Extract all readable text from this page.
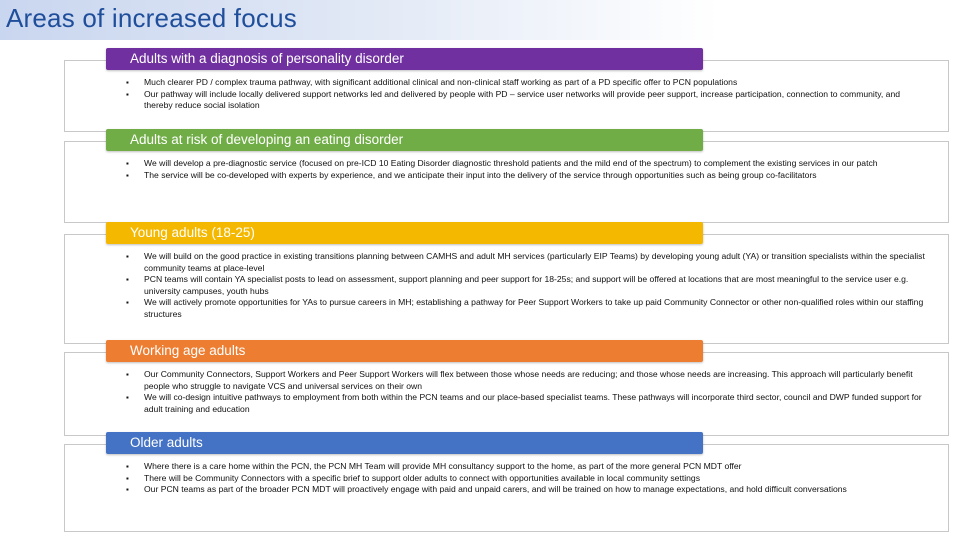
Areas of increased focus
Adults with a diagnosis of personality disorder
▪ Much clearer PD / complex trauma pathway, with significant additional clinical and non-clinical staff working as part of a PD specific offer to PCN populations
▪ Our pathway will include locally delivered support networks led and delivered by people with PD – service user networks will provide peer support, increase participation, connection to community, and thereby reduce social isolation
Adults at risk of developing an eating disorder
▪ We will develop a pre-diagnostic service (focused on pre-ICD 10 Eating Disorder diagnostic threshold patients and the mild end of the spectrum) to complement the existing services in our patch
▪ The service will be co-developed with experts by experience, and we anticipate their input into the delivery of the service through opportunities such as being group co-facilitators
Young adults (18-25)
▪ We will build on the good practice in existing transitions planning between CAMHS and adult MH services (particularly EIP Teams) by developing young adult (YA) or transition specialists within the specialist community teams at place-level
▪ PCN teams will contain YA specialist posts to lead on assessment, support planning and peer support for 18-25s; and support will be offered at locations that are most meaningful to the service user e.g. university campuses, youth hubs
▪ We will actively promote opportunities for YAs to pursue careers in MH; establishing a pathway for Peer Support Workers to take up paid Community Connector or other non-qualified roles within our staffing structures
Working age adults
▪ Our Community Connectors, Support Workers and Peer Support Workers will flex between those whose needs are reducing; and those whose needs are increasing. This approach will particularly benefit people who struggle to navigate VCS and universal services on their own
▪ We will co-design intuitive pathways to employment from both within the PCN teams and our place-based specialist teams. These pathways will incorporate third sector, council and DWP funded support for adult training and education
Older adults
▪ Where there is a care home within the PCN, the PCN MH Team will provide MH consultancy support to the home, as part of the more general PCN MDT offer
▪ There will be Community Connectors with a specific brief to support older adults to connect with opportunities available in local community settings
▪ Our PCN teams as part of the broader PCN MDT will proactively engage with paid and unpaid carers, and will be trained on how to manage expectations, and hold difficult conversations
